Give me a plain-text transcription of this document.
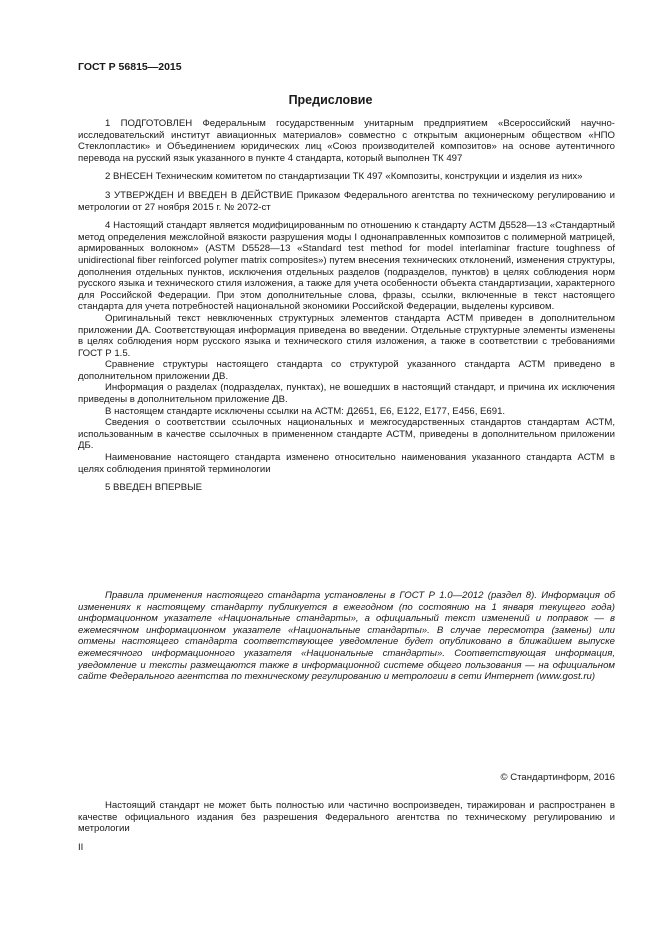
ГОСТ Р 56815—2015
Предисловие

1 ПОДГОТОВЛЕН Федеральным государственным унитарным предприятием «Всероссийский научно-исследовательский институт авиационных материалов» совместно с открытым акционерным обществом «НПО Стеклопластик» и Объединением юридических лиц «Союз производителей композитов» на основе аутентичного перевода на русский язык указанного в пункте 4 стандарта, который выполнен ТК 497

2 ВНЕСЕН Техническим комитетом по стандартизации ТК 497 «Композиты, конструкции и изделия из них»

3 УТВЕРЖДЕН И ВВЕДЕН В ДЕЙСТВИЕ Приказом Федерального агентства по техническому регулированию и метрологии от 27 ноября 2015 г. № 2072-ст

4 Настоящий стандарт является модифицированным по отношению к стандарту АСТМ Д5528—13 «Стандартный метод определения межслойной вязкости разрушения моды I однонаправленных композитов с полимерной матрицей, армированных волокном» (ASTM D5528—13 «Standard test method for model interlaminar fracture toughness of unidirectional fiber reinforced polymer matrix composites») путем внесения технических отклонений, изменения структуры, дополнения отдельных пунктов, исключения отдельных разделов (подразделов, пунктов) в целях соблюдения норм русского языка и технического стиля изложения, а также для учета особенности объекта стандартизации, характерного для Российской Федерации. При этом дополнительные слова, фразы, ссылки, включенные в текст настоящего стандарта для учета потребностей национальной экономики Российской Федерации, выделены курсивом.

Оригинальный текст невключенных структурных элементов стандарта АСТМ приведен в дополнительном приложении ДА. Соответствующая информация приведена во введении. Отдельные структурные элементы изменены в целях соблюдения норм русского языка и технического стиля изложения, а также в соответствии с требованиями ГОСТ Р 1.5.

Сравнение структуры настоящего стандарта со структурой указанного стандарта АСТМ приведено в дополнительном приложении ДВ.

Информация о разделах (подразделах, пунктах), не вошедших в настоящий стандарт, и причина их исключения приведены в дополнительном приложение ДВ.

В настоящем стандарте исключены ссылки на АСТМ: Д2651, Е6, Е122, Е177, Е456, Е691.

Сведения о соответствии ссылочных национальных и межгосударственных стандартов стандартам АСТМ, использованным в качестве ссылочных в примененном стандарте АСТМ, приведены в дополнительном приложении ДБ.

Наименование настоящего стандарта изменено относительно наименования указанного стандарта АСТМ в целях соблюдения принятой терминологии

5 ВВЕДЕН ВПЕРВЫЕ

Правила применения настоящего стандарта установлены в ГОСТ Р 1.0—2012 (раздел 8). Информация об изменениях к настоящему стандарту публикуется в ежегодном (по состоянию на 1 января текущего года) информационном указателе «Национальные стандарты», а официальный текст изменений и поправок — в ежемесячном информационном указателе «Национальные стандарты». В случае пересмотра (замены) или отмены настоящего стандарта соответствующее уведомление будет опубликовано в ближайшем выпуске ежемесячного информационного указателя «Национальные стандарты». Соответствующая информация, уведомление и тексты размещаются также в информационной системе общего пользования — на официальном сайте Федерального агентства по техническому регулированию и метрологии в сети Интернет (www.gost.ru)
© Стандартинформ, 2016
Настоящий стандарт не может быть полностью или частично воспроизведен, тиражирован и распространен в качестве официального издания без разрешения Федерального агентства по техническому регулированию и метрологии
II
